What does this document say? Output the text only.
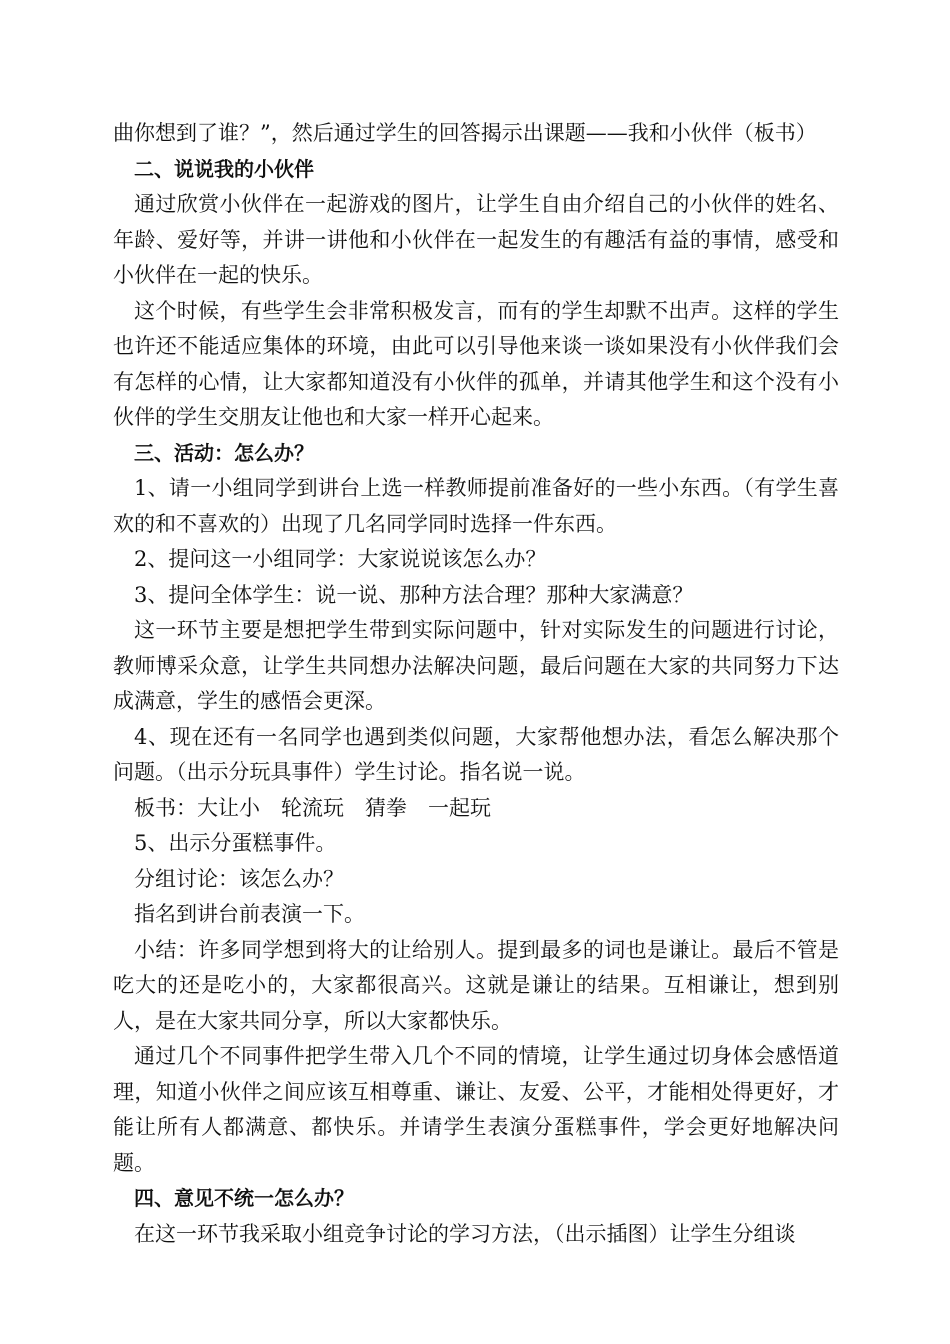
曲你想到了谁？”，然后通过学生的回答揭示出课题——我和小伙伴（板书）

二、说说我的小伙伴

通过欣赏小伙伴在一起游戏的图片，让学生自由介绍自己的小伙伴的姓名、年龄、爱好等，并讲一讲他和小伙伴在一起发生的有趣活有益的事情，感受和小伙伴在一起的快乐。

这个时候，有些学生会非常积极发言，而有的学生却默不出声。这样的学生也许还不能适应集体的环境，由此可以引导他来谈一谈如果没有小伙伴我们会有怎样的心情，让大家都知道没有小伙伴的孤单，并请其他学生和这个没有小伙伴的学生交朋友让他也和大家一样开心起来。

三、活动：怎么办？

1、请一小组同学到讲台上选一样教师提前准备好的一些小东西。（有学生喜欢的和不喜欢的）出现了几名同学同时选择一件东西。

2、提问这一小组同学：大家说说该怎么办？

3、提问全体学生：说一说、那种方法合理？那种大家满意？

这一环节主要是想把学生带到实际问题中，针对实际发生的问题进行讨论，教师博采众意，让学生共同想办法解决问题，最后问题在大家的共同努力下达成满意，学生的感悟会更深。

4、现在还有一名同学也遇到类似问题，大家帮他想办法，看怎么解决那个问题。（出示分玩具事件）学生讨论。指名说一说。

板书：大让小　轮流玩　猜拳　一起玩

5、出示分蛋糕事件。

分组讨论：该怎么办？

指名到讲台前表演一下。

小结：许多同学想到将大的让给别人。提到最多的词也是谦让。最后不管是吃大的还是吃小的，大家都很高兴。这就是谦让的结果。互相谦让，想到别人，是在大家共同分享，所以大家都快乐。

通过几个不同事件把学生带入几个不同的情境，让学生通过切身体会感悟道理，知道小伙伴之间应该互相尊重、谦让、友爱、公平，才能相处得更好，才能让所有人都满意、都快乐。并请学生表演分蛋糕事件，学会更好地解决问题。

四、意见不统一怎么办？

在这一环节我采取小组竞争讨论的学习方法，（出示插图）让学生分组谈
